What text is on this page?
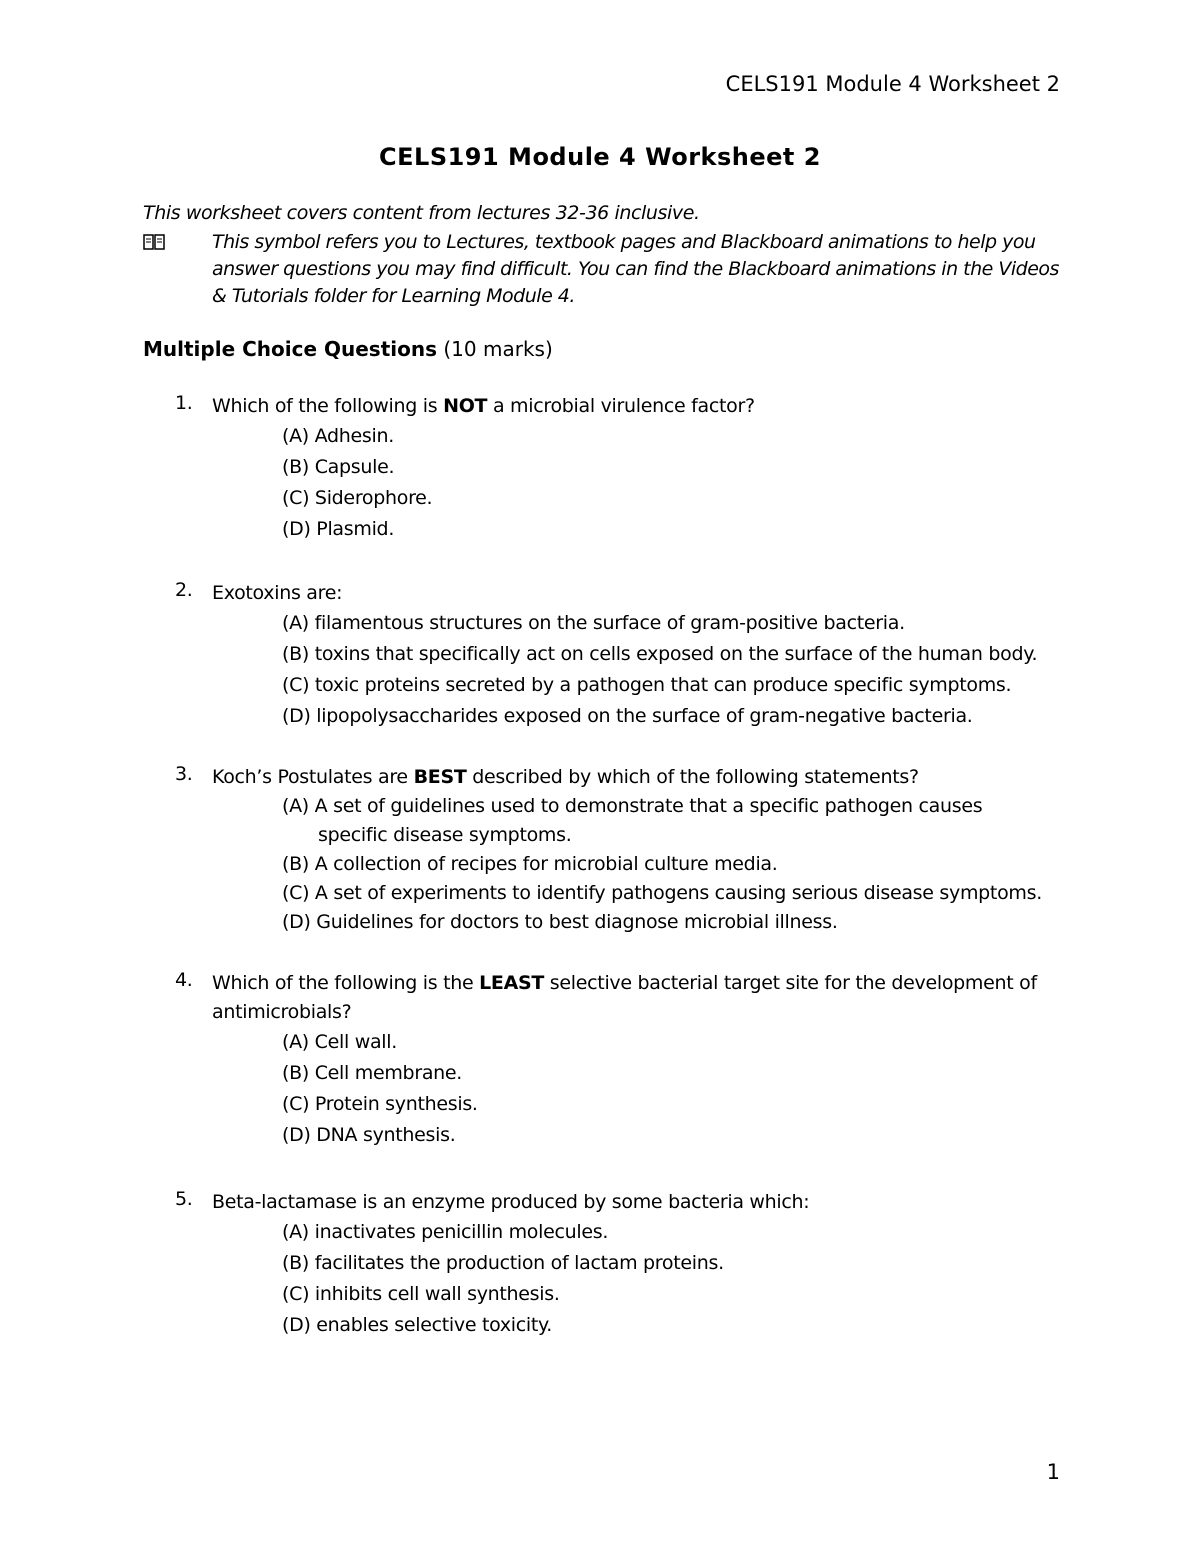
CELS191 Module 4 Worksheet 2
CELS191 Module 4 Worksheet 2
This worksheet covers content from lectures 32-36 inclusive.
This symbol refers you to Lectures, textbook pages and Blackboard animations to help you answer questions you may find difficult. You can find the Blackboard animations in the Videos & Tutorials folder for Learning Module 4.
Multiple Choice Questions (10 marks)
1. Which of the following is NOT a microbial virulence factor?
(A) Adhesin.
(B) Capsule.
(C) Siderophore.
(D) Plasmid.
2. Exotoxins are:
(A) filamentous structures on the surface of gram-positive bacteria.
(B) toxins that specifically act on cells exposed on the surface of the human body.
(C) toxic proteins secreted by a pathogen that can produce specific symptoms.
(D) lipopolysaccharides exposed on the surface of gram-negative bacteria.
3. Koch’s Postulates are BEST described by which of the following statements?
(A) A set of guidelines used to demonstrate that a specific pathogen causes
specific disease symptoms.
(B) A collection of recipes for microbial culture media.
(C) A set of experiments to identify pathogens causing serious disease symptoms.
(D) Guidelines for doctors to best diagnose microbial illness.
4. Which of the following is the LEAST selective bacterial target site for the development of antimicrobials?
(A) Cell wall.
(B) Cell membrane.
(C) Protein synthesis.
(D) DNA synthesis.
5. Beta-lactamase is an enzyme produced by some bacteria which:
(A) inactivates penicillin molecules.
(B) facilitates the production of lactam proteins.
(C) inhibits cell wall synthesis.
(D) enables selective toxicity.
1
